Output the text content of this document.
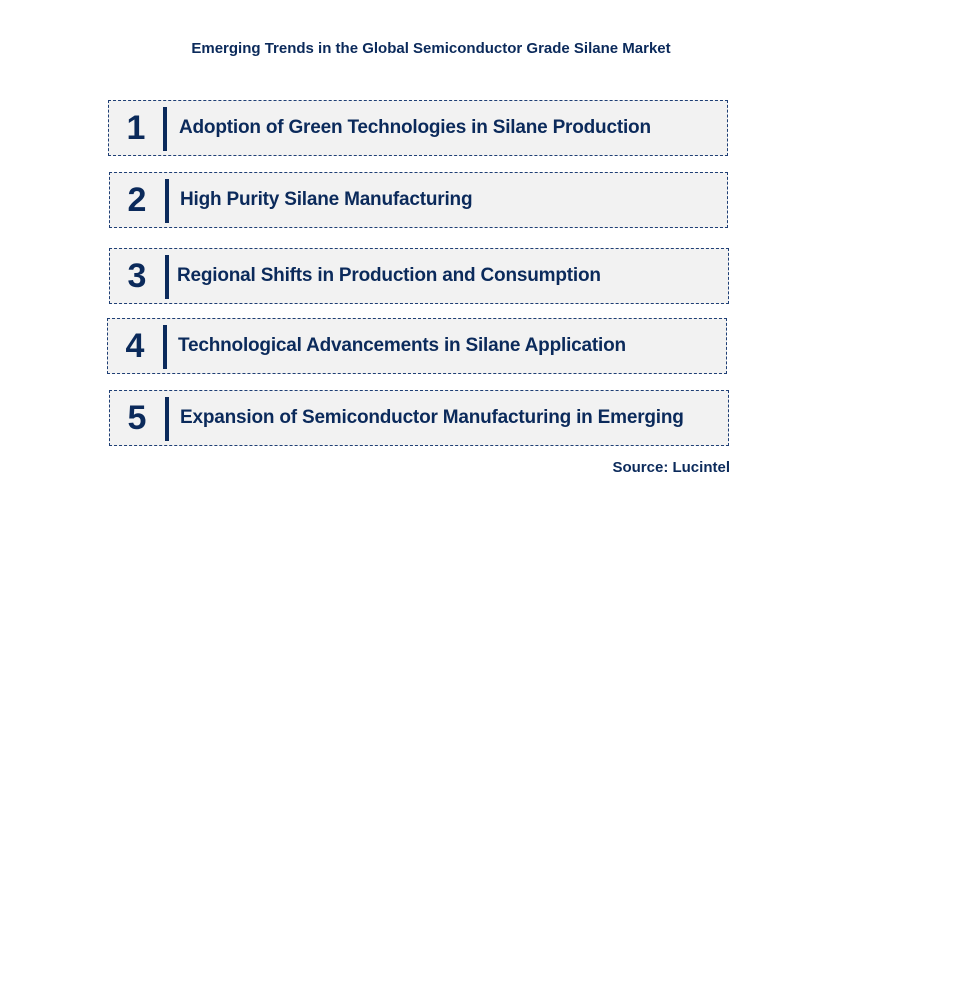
Emerging Trends in the Global Semiconductor Grade Silane Market
1	Adoption of Green Technologies in Silane Production
2	High Purity Silane Manufacturing
3	Regional Shifts in Production and Consumption
4	Technological Advancements in Silane Application
5	Expansion of Semiconductor Manufacturing in Emerging
Source: Lucintel
